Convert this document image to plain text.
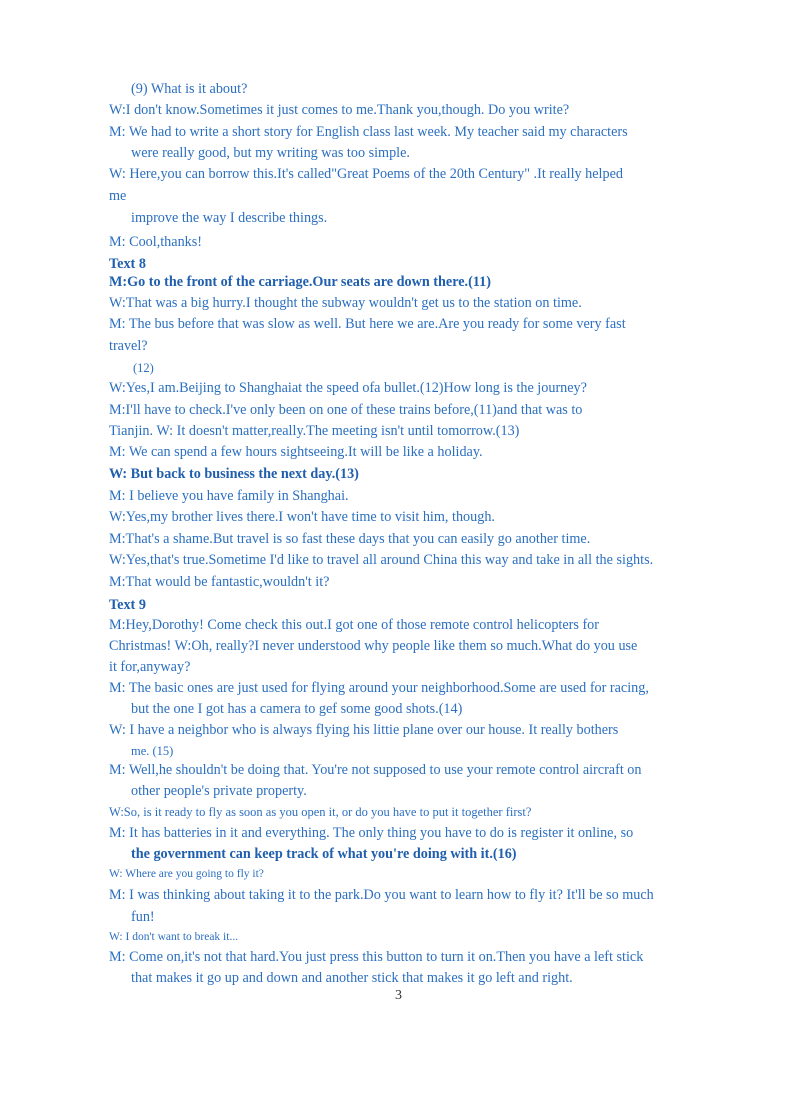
(9) What is it about?
W:I don't know.Sometimes it just comes to me.Thank you,though. Do you write?
M: We had to write a short story for English class last week. My teacher said my characters
were really good, but my writing was too simple.
W: Here,you can borrow this.It's called"Great Poems of the 20th Century" .It really helped
me
improve the way I describe things.
M: Cool,thanks!
Text 8
M:Go to the front of the carriage.Our seats are down there.(11)
W:That was a big hurry.I thought the subway wouldn't get us to the station on time.
M: The bus before that was slow as well. But here we are.Are you ready for some very fast
travel?
(12)
W:Yes,I am.Beijing to Shanghaiat the speed ofa bullet.(12)How long is the journey?
M:I'll have to check.I've only been on one of these trains before,(11)and that was to
Tianjin. W: It doesn't matter,really.The meeting isn't until tomorrow.(13)
M: We can spend a few hours sightseeing.It will be like a holiday.
W: But back to business the next day.(13)
M: I believe you have family in Shanghai.
W:Yes,my brother lives there.I won't have time to visit him, though.
M:That's a shame.But travel is so fast these days that you can easily go another time.
W:Yes,that's true.Sometime I'd like to travel all around China this way and take in all the sights.
M:That would be fantastic,wouldn't it?
Text 9
M:Hey,Dorothy! Come check this out.I got one of those remote control helicopters for
Christmas! W:Oh, really?I never understood why people like them so much.What do you use
it for,anyway?
M: The basic ones are just used for flying around your neighborhood.Some are used for racing,
but the one I got has a camera to gef some good shots.(14)
W: I have a neighbor who is always flying his littie plane over our house. It really bothers
me. (15)
M: Well,he shouldn't be doing that. You're not supposed to use your remote control aircraft on
other people's private property.
W:So, is it ready to fly as soon as you open it, or do you have to put it together first?
M: It has batteries in it and everything. The only thing you have to do is register it online, so
the government can keep track of what you're doing with it.(16)
W: Where are you going to fly it?
M: I was thinking about taking it to the park.Do you want to learn how to fly it? It'll be so much
fun!
W: I don't want to break it...
M: Come on,it's not that hard.You just press this button to turn it on.Then you have a left stick
that makes it go up and down and another stick that makes it go left and right.
3
